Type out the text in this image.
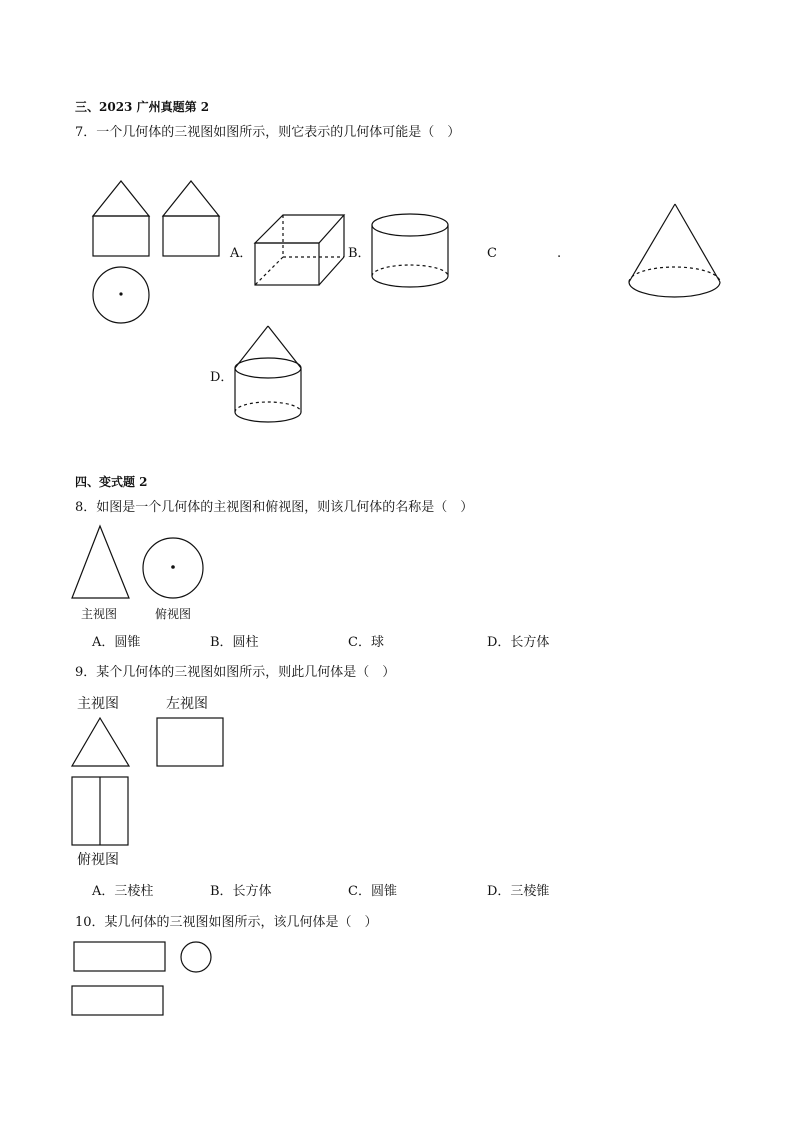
三、2023 广州真题第 2
7．一个几何体的三视图如图所示，则它表示的几何体可能是（　）
A．	B．	C	.
D．
四、变式题 2
8．如图是一个几何体的主视图和俯视图，则该几何体的名称是（　）
主视图	俯视图
A．圆锥	B．圆柱	C．球	D．长方体
9．某个几何体的三视图如图所示，则此几何体是（　）
主视图	左视图
俯视图
A．三棱柱	B．长方体	C．圆锥	D．三棱锥
10．某几何体的三视图如图所示，该几何体是（　）
